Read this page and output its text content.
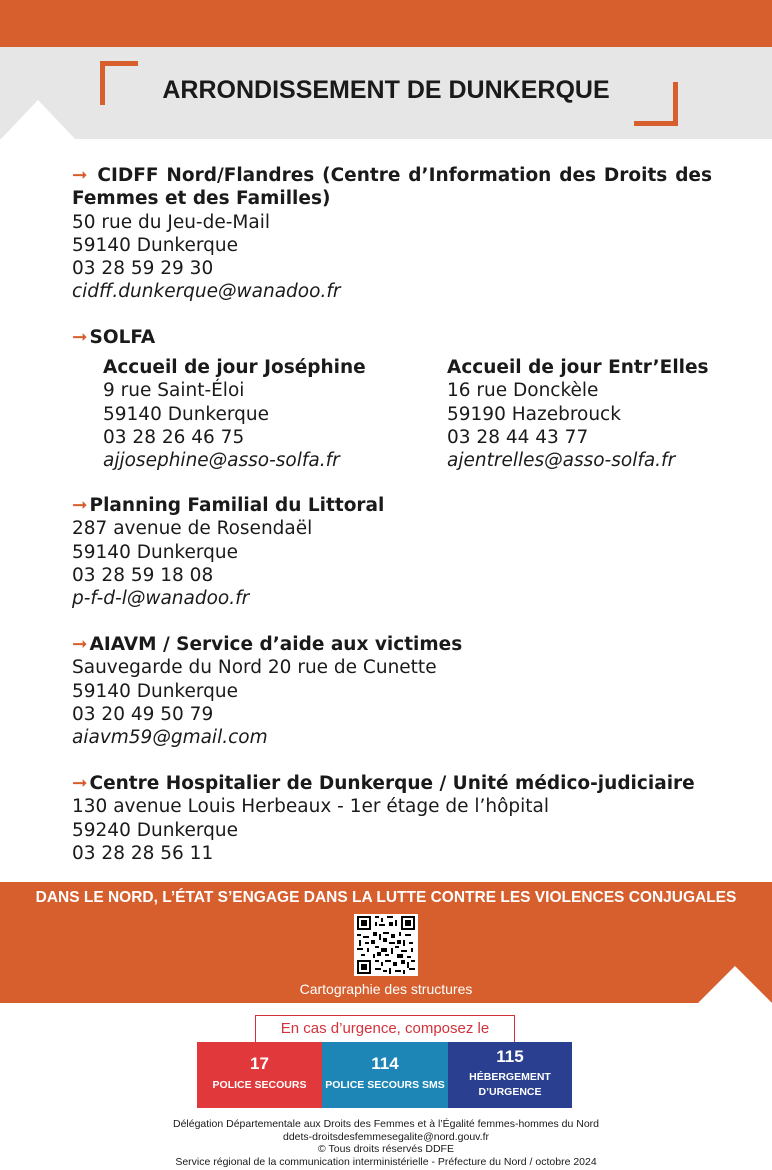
ARRONDISSEMENT DE DUNKERQUE
➞ CIDFF Nord/Flandres (Centre d’Information des Droits des Femmes et des Familles)
50 rue du Jeu-de-Mail
59140 Dunkerque
03 28 59 29 30
cidff.dunkerque@wanadoo.fr
➞ SOLFA
Accueil de jour Joséphine
9 rue Saint-Éloi
59140 Dunkerque
03 28 26 46 75
ajjosephine@asso-solfa.fr
Accueil de jour Entr’Elles
16 rue Donckèle
59190 Hazebrouck
03 28 44 43 77
ajentrelles@asso-solfa.fr
➞ Planning Familial du Littoral
287 avenue de Rosendaël
59140 Dunkerque
03 28 59 18 08
p-f-d-l@wanadoo.fr
➞ AIAVM / Service d’aide aux victimes
Sauvegarde du Nord 20 rue de Cunette
59140 Dunkerque
03 20 49 50 79
aiavm59@gmail.com
➞ Centre Hospitalier de Dunkerque / Unité médico-judiciaire
130 avenue Louis Herbeaux - 1er étage de l’hôpital
59240 Dunkerque
03 28 28 56 11
DANS LE NORD, L’ÉTAT S’ENGAGE DANS LA LUTTE CONTRE LES VIOLENCES CONJUGALES
Cartographie des structures
En cas d’urgence, composez le
17
POLICE SECOURS
114
POLICE SECOURS SMS
115
HÉBERGEMENT
D’URGENCE
Délégation Départementale aux Droits des Femmes et à l’Égalité femmes-hommes du Nord
ddets-droitsdesfemmesegalite@nord.gouv.fr
© Tous droits réservés DDFE
Service régional de la communication interministérielle - Préfecture du Nord / octobre 2024
